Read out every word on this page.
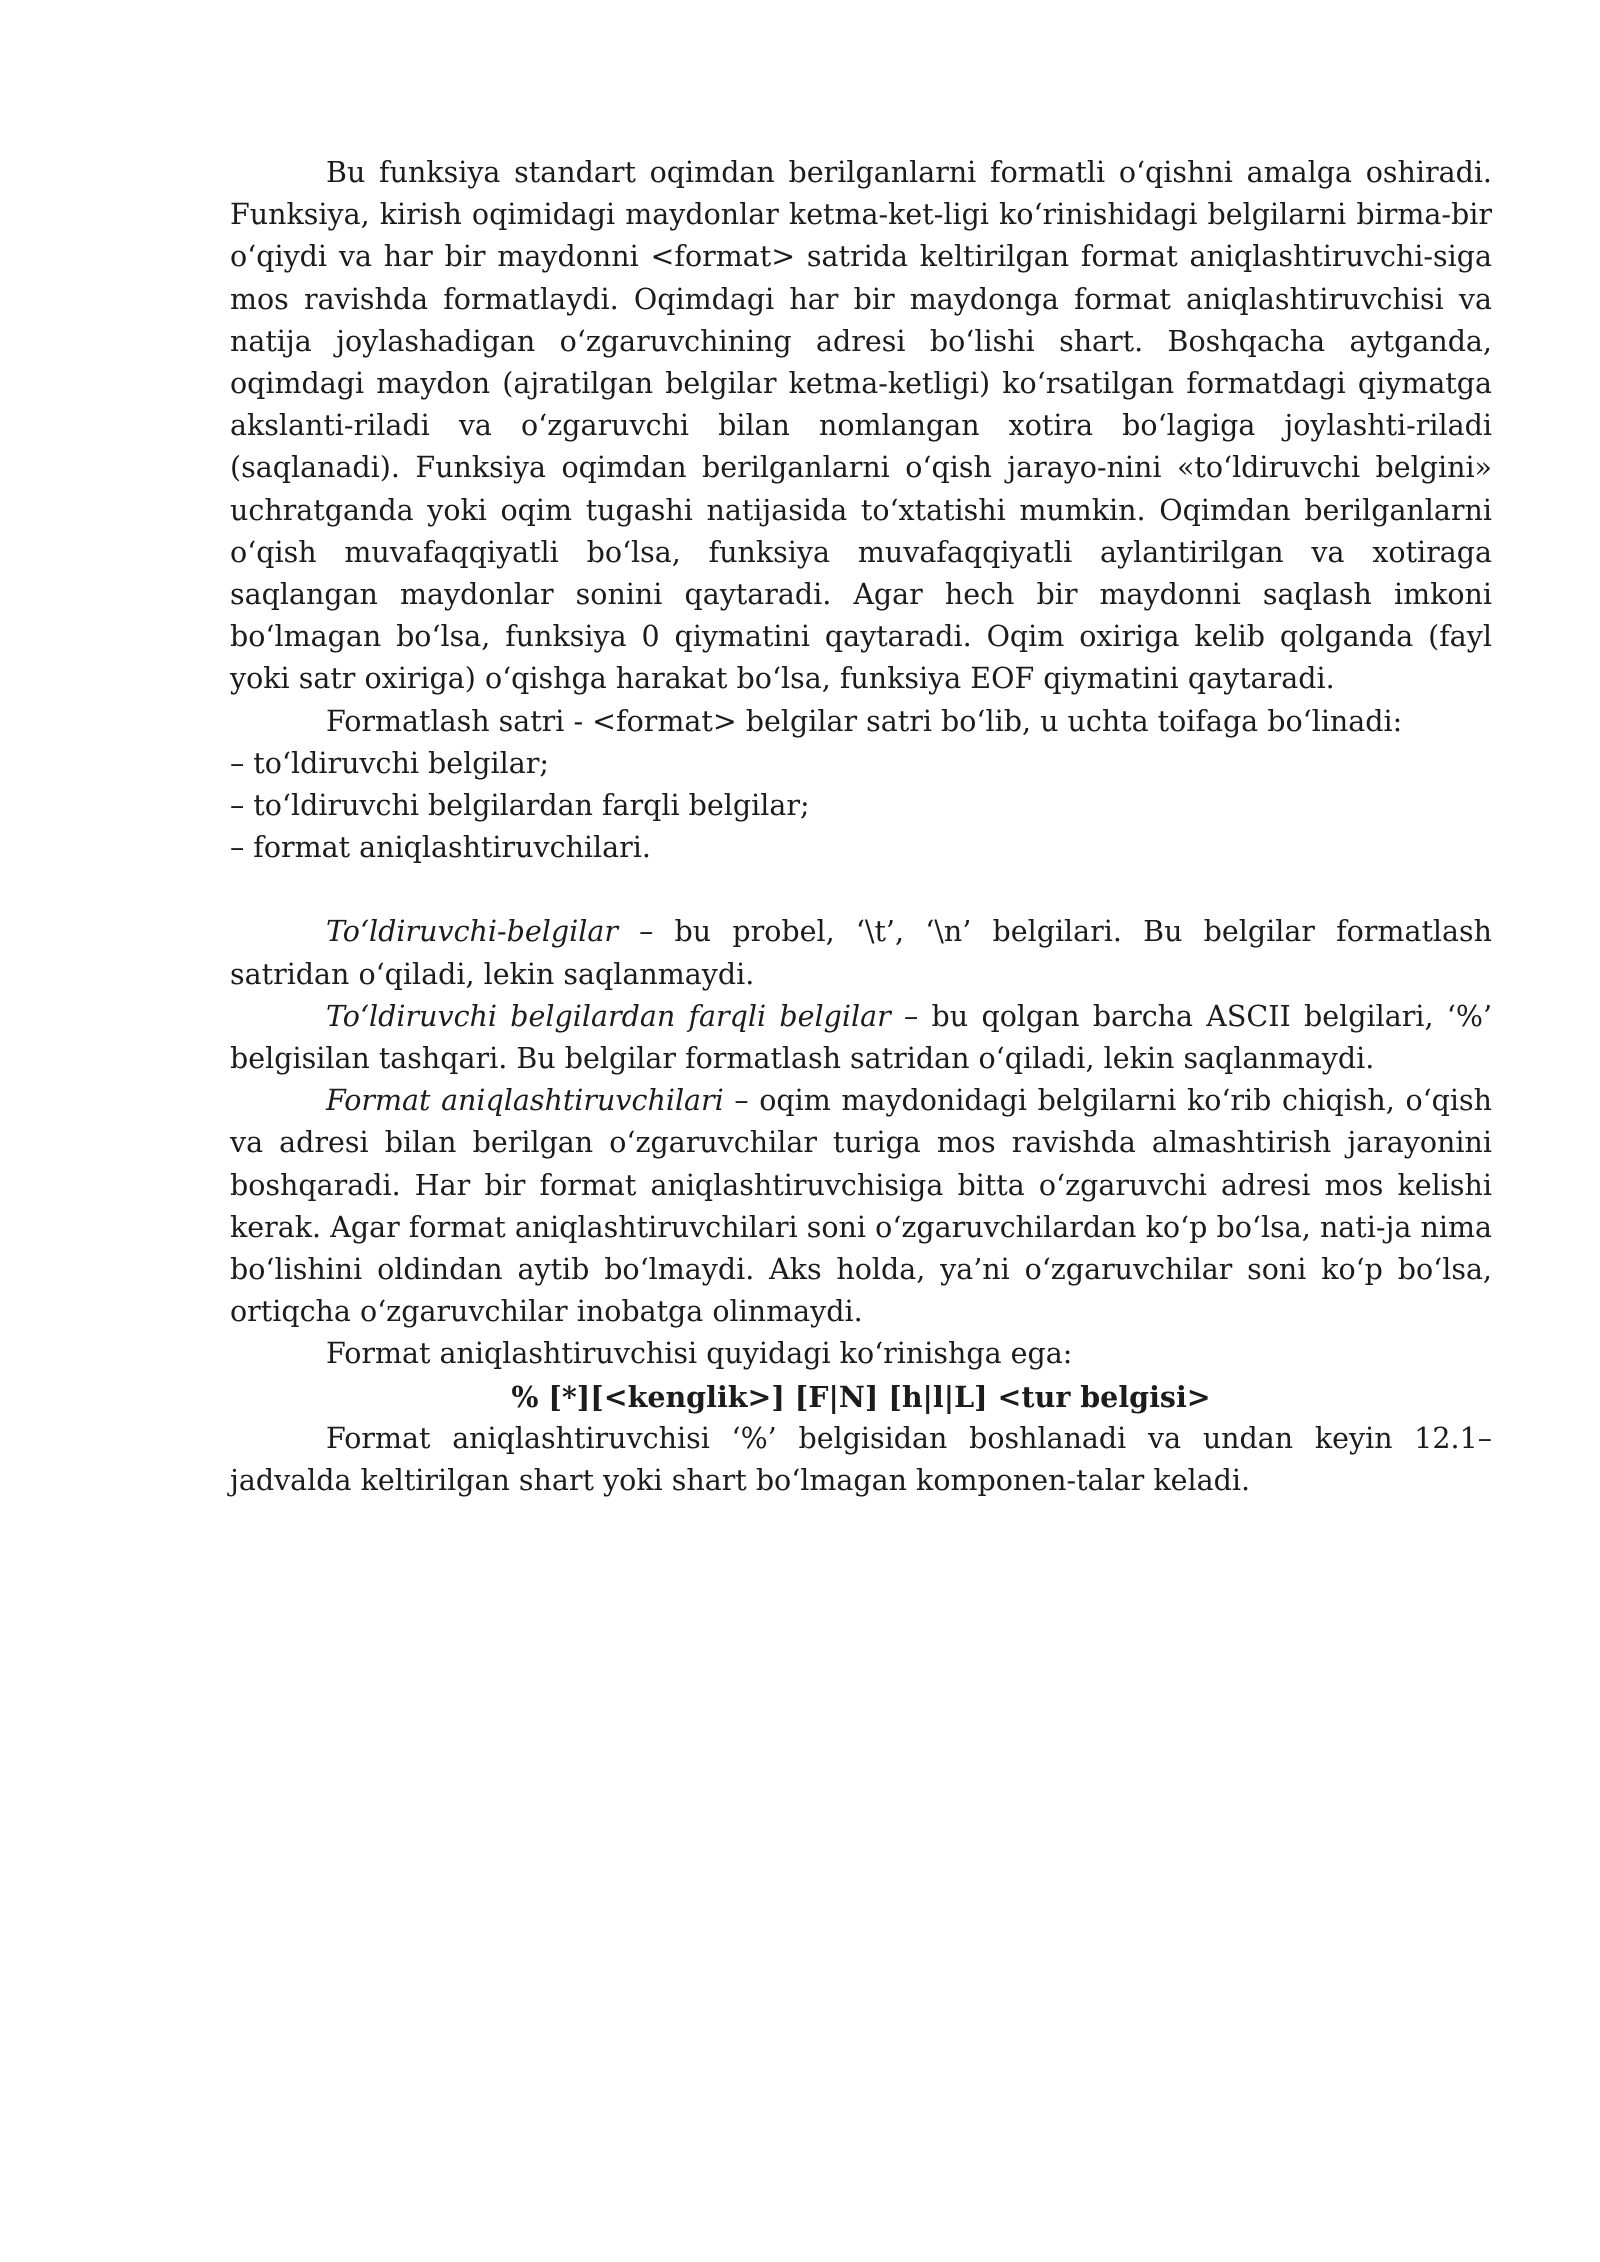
Bu funksiya standart oqimdan berilganlarni formatli o‘qishni amalga oshiradi. Funksiya, kirish oqimidagi maydonlar ketma-ket-ligi ko‘rinishidagi belgilarni birma-bir o‘qiydi va har bir maydonni <format> satrida keltirilgan format aniqlashtiruvchi-siga mos ravishda formatlaydi. Oqimdagi har bir maydonga format aniqlashtiruvchisi va natija joylashadigan o‘zgaruvchining adresi bo‘lishi shart. Boshqacha aytganda, oqimdagi maydon (ajratilgan belgilar ketma-ketligi) ko‘rsatilgan formatdagi qiymatga akslanti-riladi va o‘zgaruvchi bilan nomlangan xotira bo‘lagiga joylashti-riladi (saqlanadi). Funksiya oqimdan berilganlarni o‘qish jarayo-nini «to‘ldiruvchi belgini» uchratganda yoki oqim tugashi natijasida to‘xtatishi mumkin. Oqimdan berilganlarni o‘qish muvafaqqiyatli bo‘lsa, funksiya muvafaqqiyatli aylantirilgan va xotiraga saqlangan maydonlar sonini qaytaradi. Agar hech bir maydonni saqlash imkoni bo‘lmagan bo‘lsa, funksiya 0 qiymatini qaytaradi. Oqim oxiriga kelib qolganda (fayl yoki satr oxiriga) o‘qishga harakat bo‘lsa, funksiya EOF qiymatini qaytaradi.

Formatlash satri - <format> belgilar satri bo‘lib, u uchta toifaga bo‘linadi:

– to‘ldiruvchi belgilar;

– to‘ldiruvchi belgilardan farqli belgilar;

– format aniqlashtiruvchilari.

To‘ldiruvchi-belgilar – bu probel, ‘\t’, ‘\n’ belgilari. Bu belgilar formatlash satridan o‘qiladi, lekin saqlanmaydi.

To‘ldiruvchi belgilardan farqli belgilar – bu qolgan barcha ASCII belgilari, ‘%’ belgisilan tashqari. Bu belgilar formatlash satridan o‘qiladi, lekin saqlanmaydi.

Format aniqlashtiruvchilari – oqim maydonidagi belgilarni ko‘rib chiqish, o‘qish va adresi bilan berilgan o‘zgaruvchilar turiga mos ravishda almashtirish jarayonini boshqaradi. Har bir format aniqlashtiruvchisiga bitta o‘zgaruvchi adresi mos kelishi kerak. Agar format aniqlashtiruvchilari soni o‘zgaruvchilardan ko‘p bo‘lsa, nati-ja nima bo‘lishini oldindan aytib bo‘lmaydi. Aks holda, ya’ni o‘zgaruvchilar soni ko‘p bo‘lsa, ortiqcha o‘zgaruvchilar inobatga olinmaydi.

Format aniqlashtiruvchisi quyidagi ko‘rinishga ega:

% [*][<kenglik>] [F|N] [h|l|L] <tur belgisi>

Format aniqlashtiruvchisi ‘%’ belgisidan boshlanadi va undan keyin 12.1–jadvalda keltirilgan shart yoki shart bo‘lmagan komponen-talar keladi.
